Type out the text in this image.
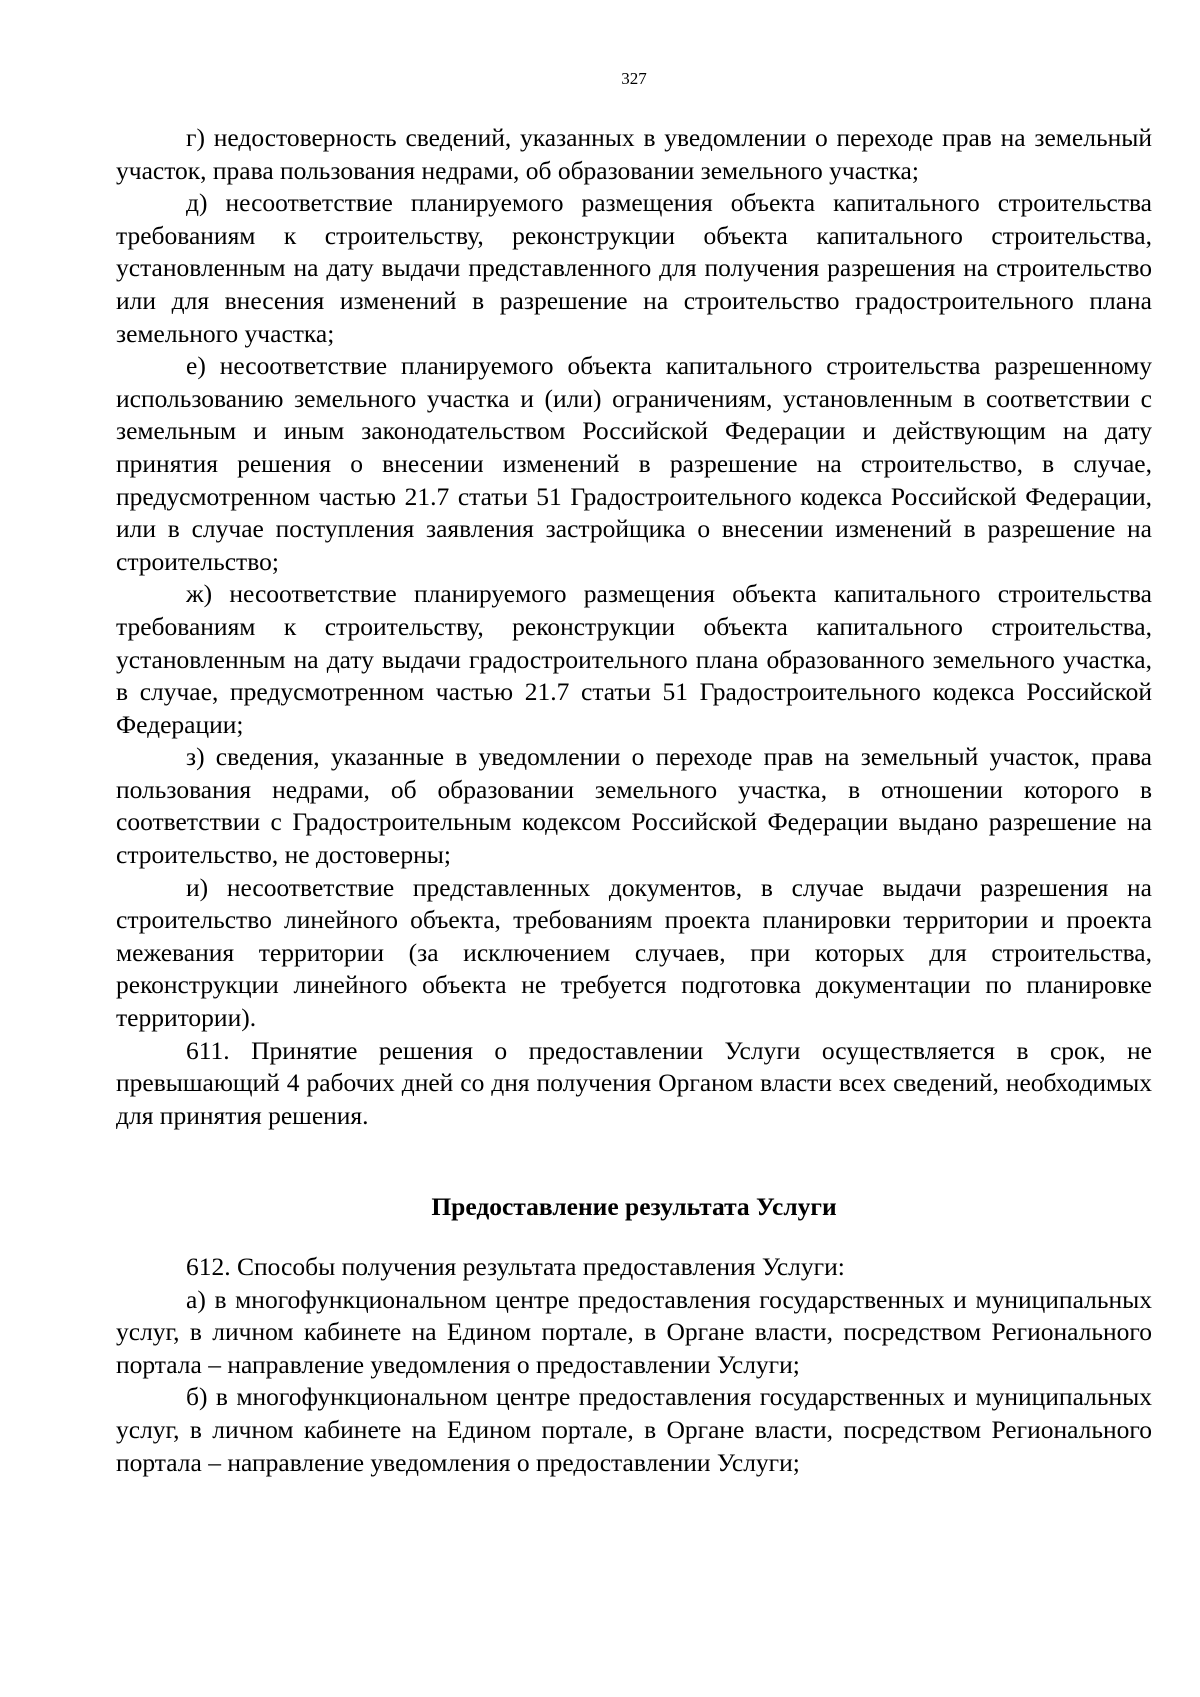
327

г) недостоверность сведений, указанных в уведомлении о переходе прав на земельный участок, права пользования недрами, об образовании земельного участка;

д) несоответствие планируемого размещения объекта капитального строительства требованиям к строительству, реконструкции объекта капитального строительства, установленным на дату выдачи представленного для получения разрешения на строительство или для внесения изменений в разрешение на строительство градостроительного плана земельного участка;

е) несоответствие планируемого объекта капитального строительства разрешенному использованию земельного участка и (или) ограничениям, установленным в соответствии с земельным и иным законодательством Российской Федерации и действующим на дату принятия решения о внесении изменений в разрешение на строительство, в случае, предусмотренном частью 21.7 статьи 51 Градостроительного кодекса Российской Федерации, или в случае поступления заявления застройщика о внесении изменений в разрешение на строительство;

ж) несоответствие планируемого размещения объекта капитального строительства требованиям к строительству, реконструкции объекта капитального строительства, установленным на дату выдачи градостроительного плана образованного земельного участка, в случае, предусмотренном частью 21.7 статьи 51 Градостроительного кодекса Российской Федерации;

з) сведения, указанные в уведомлении о переходе прав на земельный участок, права пользования недрами, об образовании земельного участка, в отношении которого в соответствии с Градостроительным кодексом Российской Федерации выдано разрешение на строительство, не достоверны;

и) несоответствие представленных документов, в случае выдачи разрешения на строительство линейного объекта, требованиям проекта планировки территории и проекта межевания территории (за исключением случаев, при которых для строительства, реконструкции линейного объекта не требуется подготовка документации по планировке территории).

611. Принятие решения о предоставлении Услуги осуществляется в срок, не превышающий 4 рабочих дней со дня получения Органом власти всех сведений, необходимых для принятия решения.

Предоставление результата Услуги

612. Способы получения результата предоставления Услуги:

а) в многофункциональном центре предоставления государственных и муниципальных услуг, в личном кабинете на Едином портале, в Органе власти, посредством Регионального портала – направление уведомления о предоставлении Услуги;

б) в многофункциональном центре предоставления государственных и муниципальных услуг, в личном кабинете на Едином портале, в Органе власти, посредством Регионального портала – направление уведомления о предоставлении Услуги;
